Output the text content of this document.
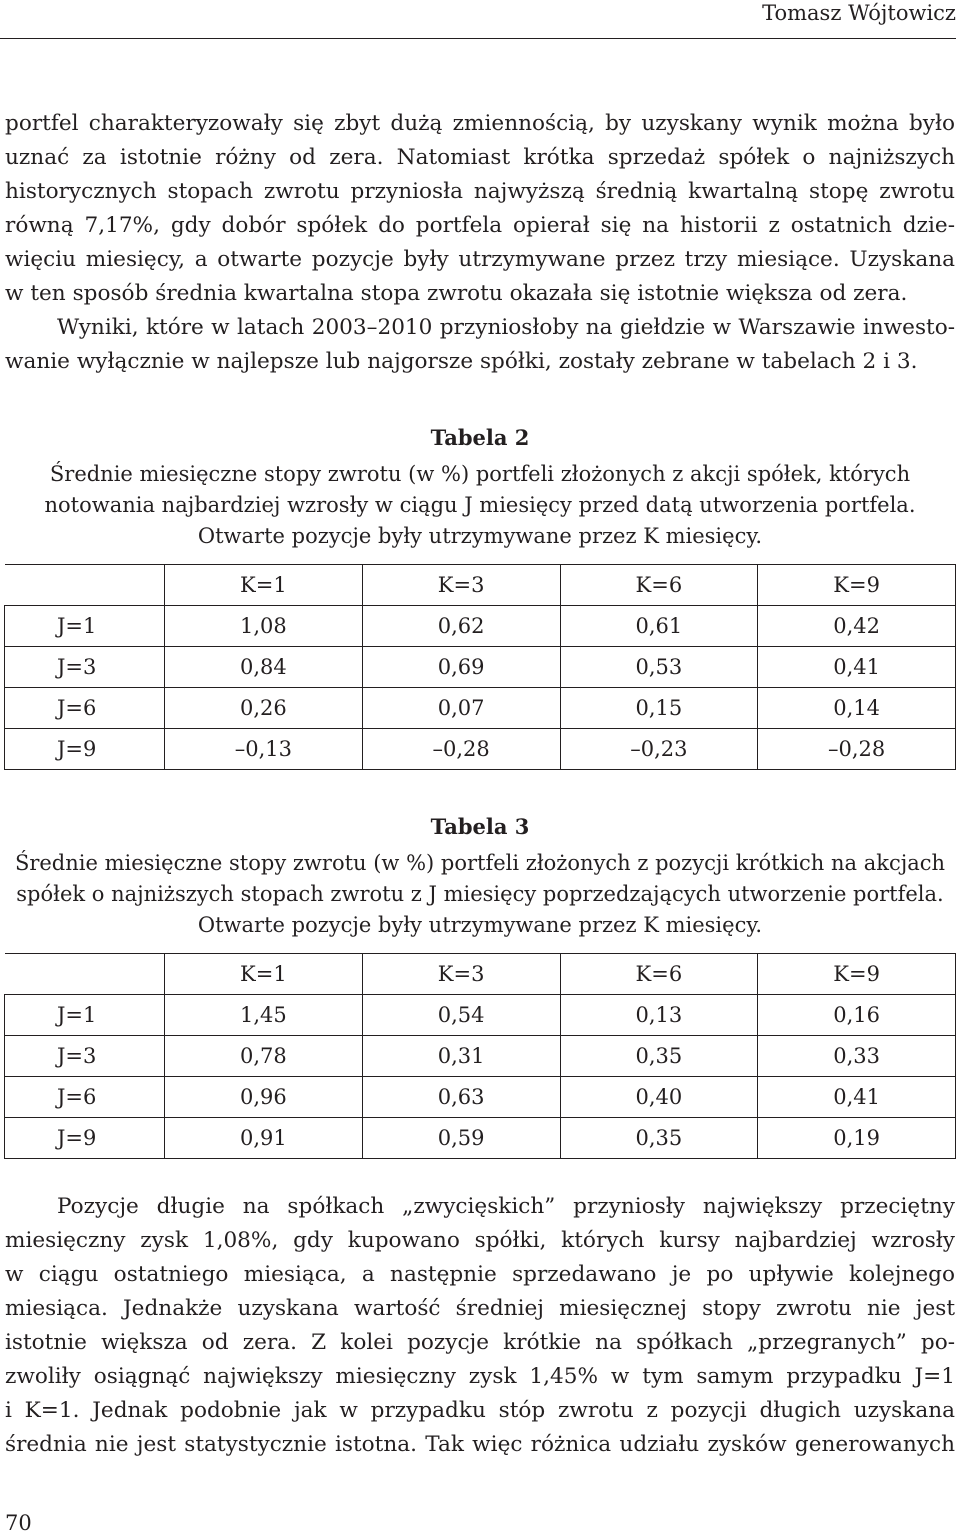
Tomasz Wójtowicz

portfel charakteryzowały się zbyt dużą zmiennością, by uzyskany wynik można było
uznać za istotnie różny od zera. Natomiast krótka sprzedaż spółek o najniższych
historycznych stopach zwrotu przyniosła najwyższą średnią kwartalną stopę zwrotu
równą 7,17%, gdy dobór spółek do portfela opierał się na historii z ostatnich dzie-
więciu miesięcy, a otwarte pozycje były utrzymywane przez trzy miesiące. Uzyskana
w ten sposób średnia kwartalna stopa zwrotu okazała się istotnie większa od zera.

Wyniki, które w latach 2003–2010 przyniosłoby na giełdzie w Warszawie inwesto-
wanie wyłącznie w najlepsze lub najgorsze spółki, zostały zebrane w tabelach 2 i 3.

Tabela 2
Średnie miesięczne stopy zwrotu (w %) portfeli złożonych z akcji spółek, których
notowania najbardziej wzrosły w ciągu J miesięcy przed datą utworzenia portfela.
Otwarte pozycje były utrzymywane przez K miesięcy.
	K=1	K=3	K=6	K=9
J=1	1,08	0,62	0,61	0,42
J=3	0,84	0,69	0,53	0,41
J=6	0,26	0,07	0,15	0,14
J=9	–0,13	–0,28	–0,23	–0,28
Tabela 3
Średnie miesięczne stopy zwrotu (w %) portfeli złożonych z pozycji krótkich na akcjach
spółek o najniższych stopach zwrotu z J miesięcy poprzedzających utworzenie portfela.
Otwarte pozycje były utrzymywane przez K miesięcy.
	K=1	K=3	K=6	K=9
J=1	1,45	0,54	0,13	0,16
J=3	0,78	0,31	0,35	0,33
J=6	0,96	0,63	0,40	0,41
J=9	0,91	0,59	0,35	0,19

Pozycje długie na spółkach „zwycięskich” przyniosły największy przeciętny
miesięczny zysk 1,08%, gdy kupowano spółki, których kursy najbardziej wzrosły
w ciągu ostatniego miesiąca, a następnie sprzedawano je po upływie kolejnego
miesiąca. Jednakże uzyskana wartość średniej miesięcznej stopy zwrotu nie jest
istotnie większa od zera. Z kolei pozycje krótkie na spółkach „przegranych” po-
zwoliły osiągnąć największy miesięczny zysk 1,45% w tym samym przypadku J=1
i K=1. Jednak podobnie jak w przypadku stóp zwrotu z pozycji długich uzyskana
średnia nie jest statystycznie istotna. Tak więc różnica udziału zysków generowanych

70
